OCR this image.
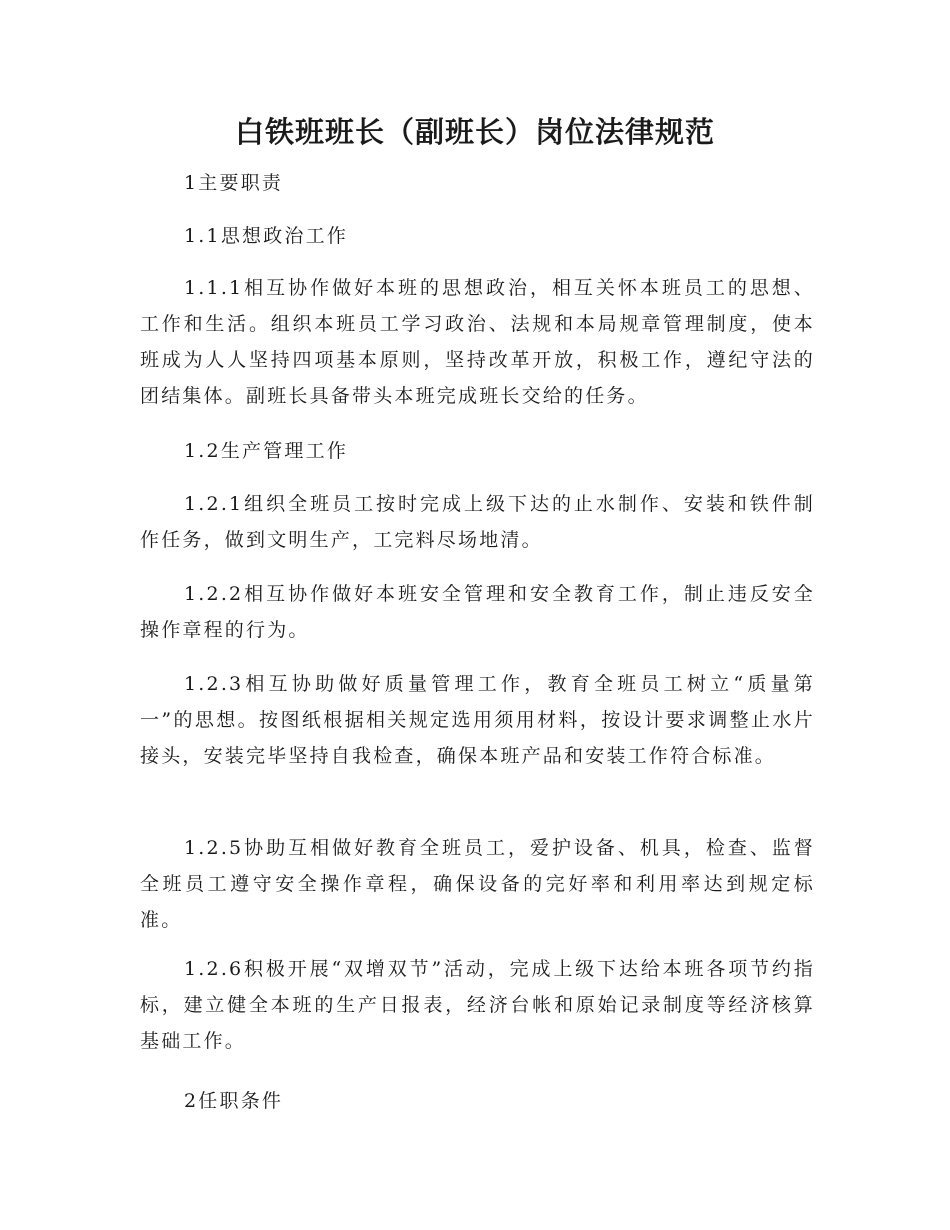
白铁班班长（副班长）岗位法律规范

1主要职责

1.1思想政治工作

1.1.1相互协作做好本班的思想政治，相互关怀本班员工的思想、工作和生活。组织本班员工学习政治、法规和本局规章管理制度，使本班成为人人坚持四项基本原则，坚持改革开放，积极工作，遵纪守法的团结集体。副班长具备带头本班完成班长交给的任务。

1.2生产管理工作

1.2.1组织全班员工按时完成上级下达的止水制作、安装和铁件制作任务，做到文明生产，工完料尽场地清。

1.2.2相互协作做好本班安全管理和安全教育工作，制止违反安全操作章程的行为。

1.2.3相互协助做好质量管理工作，教育全班员工树立“质量第一”的思想。按图纸根据相关规定选用须用材料，按设计要求调整止水片接头，安装完毕坚持自我检查，确保本班产品和安装工作符合标准。

1.2.5协助互相做好教育全班员工，爱护设备、机具，检查、监督全班员工遵守安全操作章程，确保设备的完好率和利用率达到规定标准。

1.2.6积极开展“双增双节”活动，完成上级下达给本班各项节约指标，建立健全本班的生产日报表，经济台帐和原始记录制度等经济核算基础工作。

2任职条件
